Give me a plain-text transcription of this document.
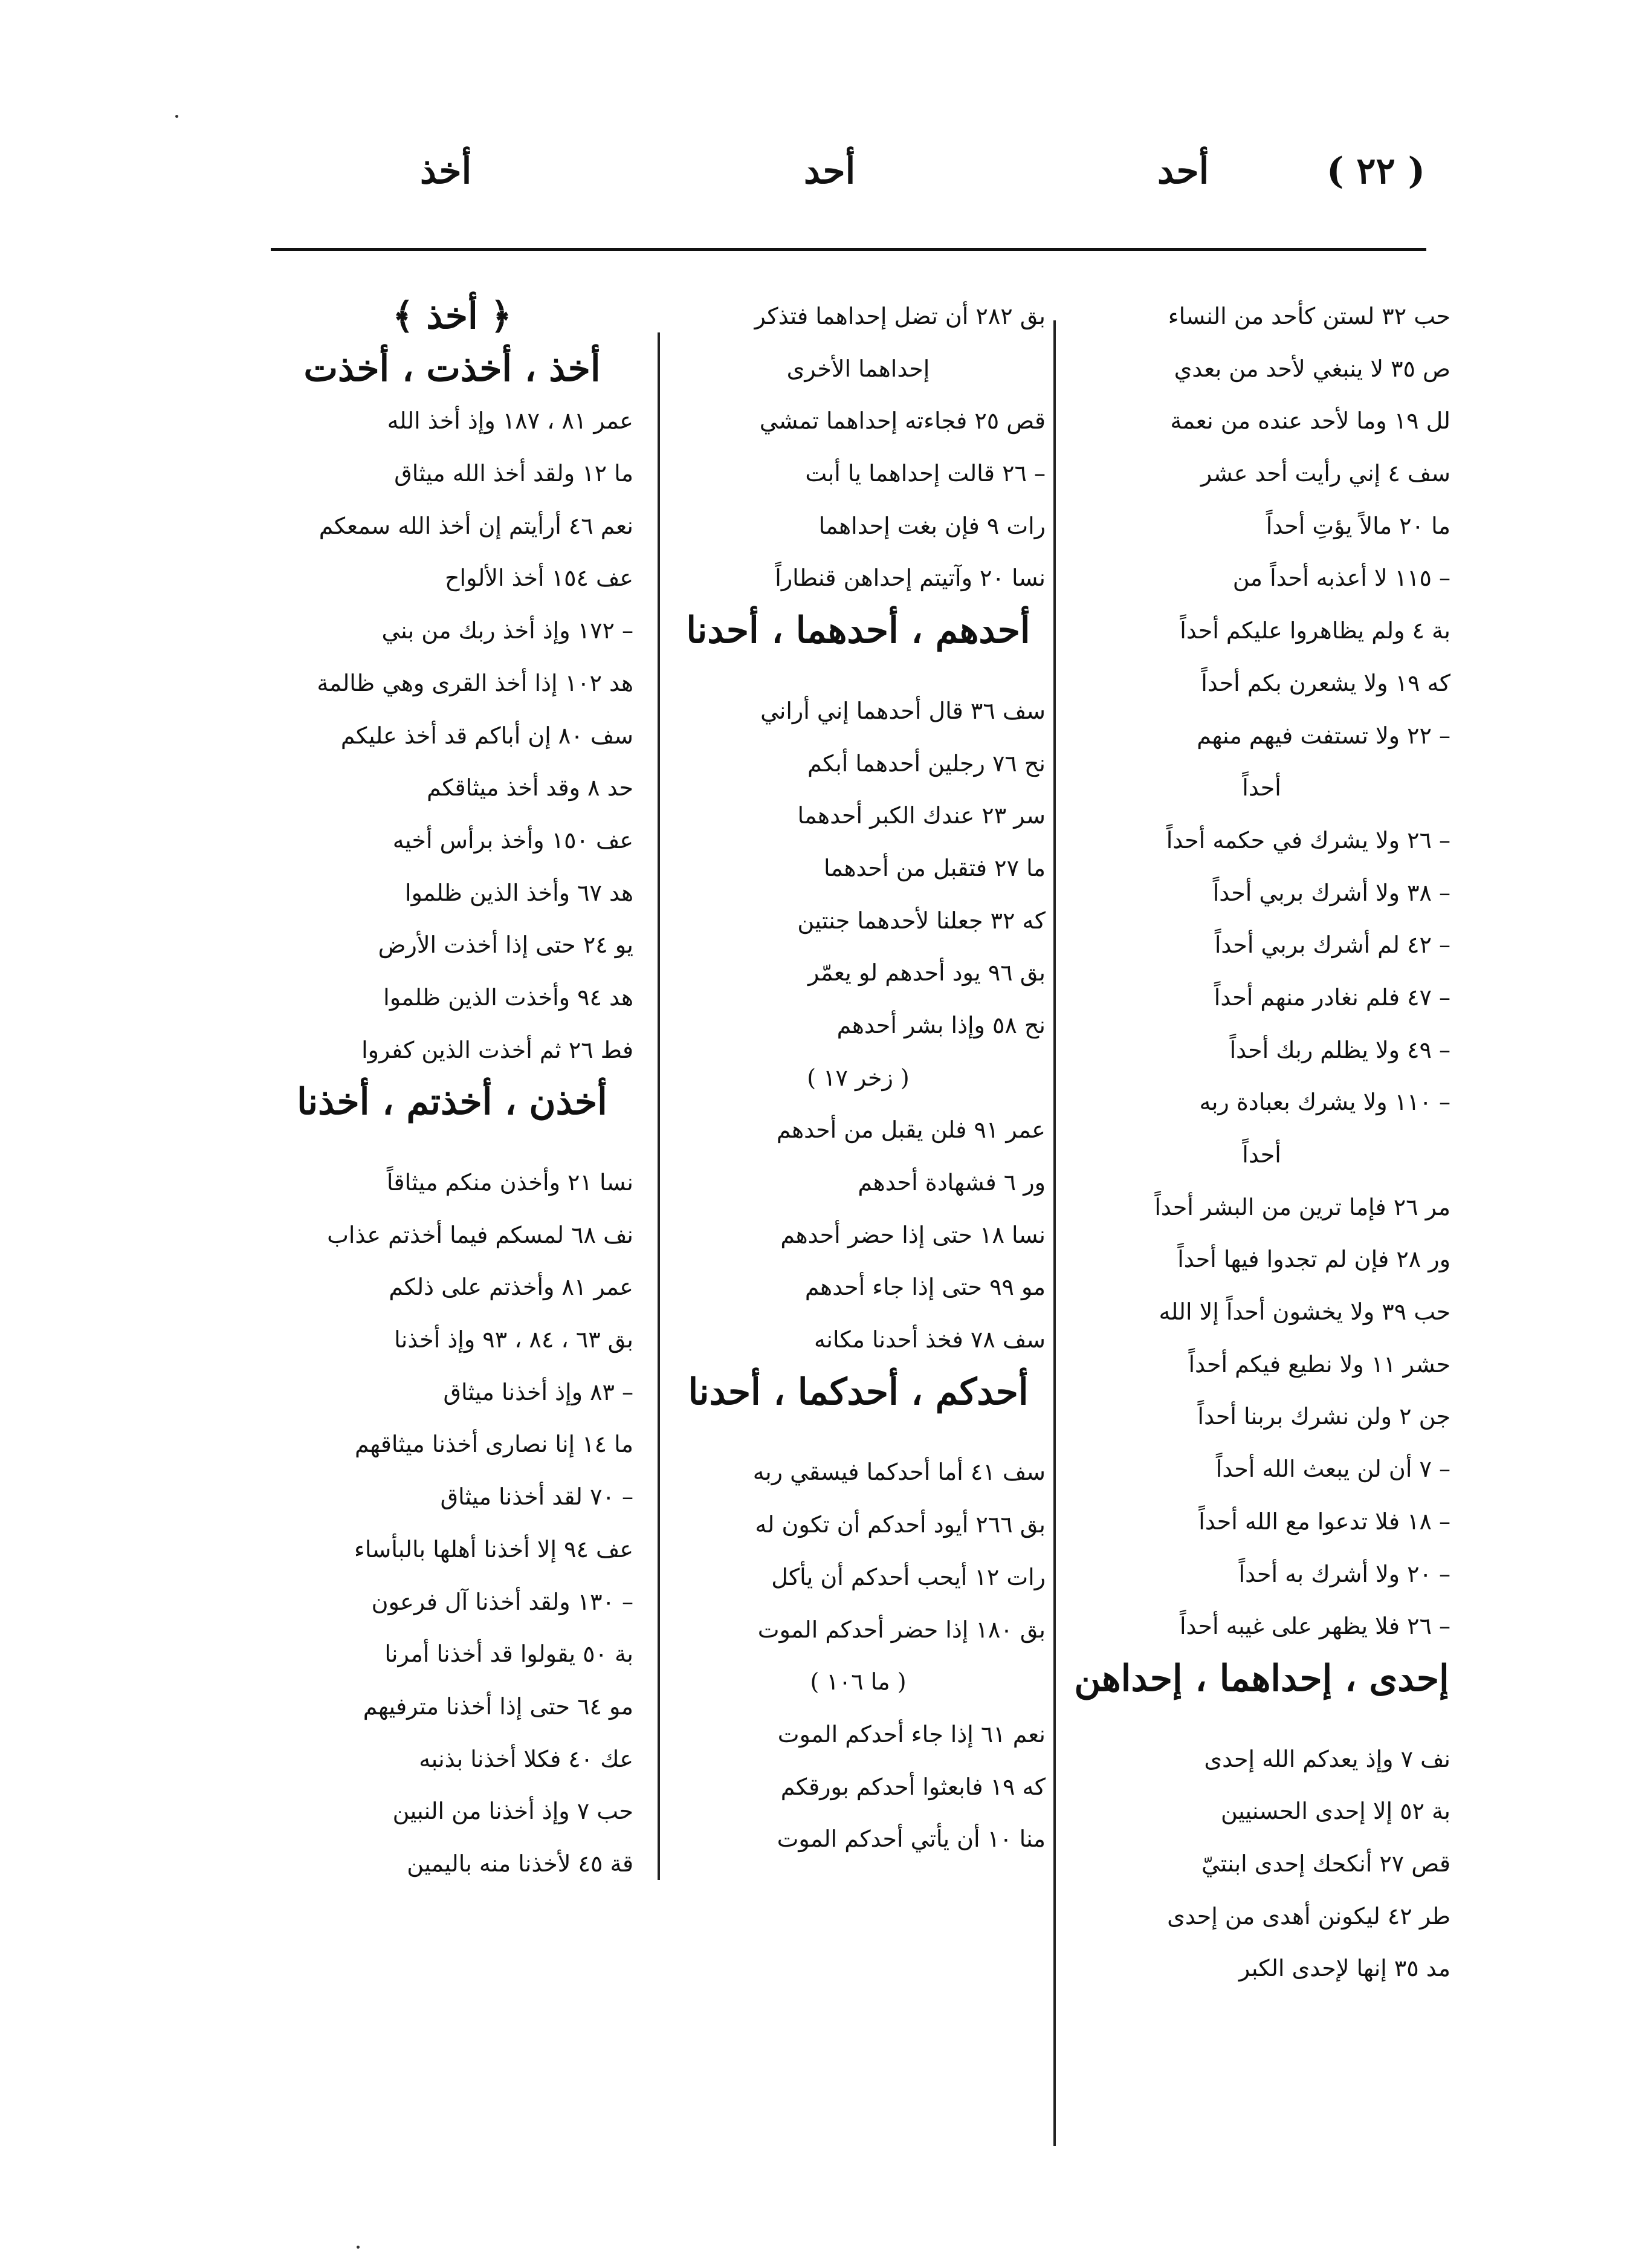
( ٢٢ )
أحد
أحد
أخذ
حب ٣٢ لستن كأحد من النساء
ص ٣٥ لا ينبغي لأحد من بعدي
لل ١٩ وما لأحد عنده من نعمة
سف ٤ إني رأيت أحد عشر
ما ٢٠ مالاً يؤتِ أحداً
– ١١٥ لا أعذبه أحداً من
بة ٤ ولم يظاهروا عليكم أحداً
كه ١٩ ولا يشعرن بكم أحداً
– ٢٢ ولا تستفت فيهم منهم
أحداً
– ٢٦ ولا يشرك في حكمه أحداً
– ٣٨ ولا أشرك بربي أحداً
– ٤٢ لم أشرك بربي أحداً
– ٤٧ فلم نغادر منهم أحداً
– ٤٩ ولا يظلم ربك أحداً
– ١١٠ ولا يشرك بعبادة ربه
أحداً
مر ٢٦ فإما ترين من البشر أحداً
ور ٢٨ فإن لم تجدوا فيها أحداً
حب ٣٩ ولا يخشون أحداً إلا الله
حشر ١١ ولا نطيع فيكم أحداً
جن ٢ ولن نشرك بربنا أحداً
– ٧ أن لن يبعث الله أحداً
– ١٨ فلا تدعوا مع الله أحداً
– ٢٠ ولا أشرك به أحداً
– ٢٦ فلا يظهر على غيبه أحداً
إحدى ، إحداهما ، إحداهن
نف ٧ وإذ يعدكم الله إحدى
بة ٥٢ إلا إحدى الحسنيين
قص ٢٧ أنكحك إحدى ابنتيّ
طر ٤٢ ليكونن أهدى من إحدى
مد ٣٥ إنها لإحدى الكبر
بق ٢٨٢ أن تضل إحداهما فتذكر
إحداهما الأخرى
قص ٢٥ فجاءته إحداهما تمشي
– ٢٦ قالت إحداهما يا أبت
رات ٩ فإن بغت إحداهما
نسا ٢٠ وآتيتم إحداهن قنطاراً
أحدهم ، أحدهما ، أحدنا
سف ٣٦ قال أحدهما إني أراني
نح ٧٦ رجلين أحدهما أبكم
سر ٢٣ عندك الكبر أحدهما
ما ٢٧ فتقبل من أحدهما
كه ٣٢ جعلنا لأحدهما جنتين
بق ٩٦ يود أحدهم لو يعمّر
نح ٥٨ وإذا بشر أحدهم
( زخر ١٧ )
عمر ٩١ فلن يقبل من أحدهم
ور ٦ فشهادة أحدهم
نسا ١٨ حتى إذا حضر أحدهم
مو ٩٩ حتى إذا جاء أحدهم
سف ٧٨ فخذ أحدنا مكانه
أحدكم ، أحدكما ، أحدنا
سف ٤١ أما أحدكما فيسقي ربه
بق ٢٦٦ أيود أحدكم أن تكون له
رات ١٢ أيحب أحدكم أن يأكل
بق ١٨٠ إذا حضر أحدكم الموت
( ما ١٠٦ )
نعم ٦١ إذا جاء أحدكم الموت
كه ١٩ فابعثوا أحدكم بورقكم
منا ١٠ أن يأتي أحدكم الموت
﴿ أخذ ﴾
أخذ ، أخذت ، أخذت
عمر ٨١ ، ١٨٧ وإذ أخذ الله
ما ١٢ ولقد أخذ الله ميثاق
نعم ٤٦ أرأيتم إن أخذ الله سمعكم
عف ١٥٤ أخذ الألواح
– ١٧٢ وإذ أخذ ربك من بني
هد ١٠٢ إذا أخذ القرى وهي ظالمة
سف ٨٠ إن أباكم قد أخذ عليكم
حد ٨ وقد أخذ ميثاقكم
عف ١٥٠ وأخذ برأس أخيه
هد ٦٧ وأخذ الذين ظلموا
يو ٢٤ حتى إذا أخذت الأرض
هد ٩٤ وأخذت الذين ظلموا
فط ٢٦ ثم أخذت الذين كفروا
أخذن ، أخذتم ، أخذنا
نسا ٢١ وأخذن منكم ميثاقاً
نف ٦٨ لمسكم فيما أخذتم عذاب
عمر ٨١ وأخذتم على ذلكم
بق ٦٣ ، ٨٤ ، ٩٣ وإذ أخذنا
– ٨٣ وإذ أخذنا ميثاق
ما ١٤ إنا نصارى أخذنا ميثاقهم
– ٧٠ لقد أخذنا ميثاق
عف ٩٤ إلا أخذنا أهلها بالبأساء
– ١٣٠ ولقد أخذنا آل فرعون
بة ٥٠ يقولوا قد أخذنا أمرنا
مو ٦٤ حتى إذا أخذنا مترفيهم
عك ٤٠ فكلا أخذنا بذنبه
حب ٧ وإذ أخذنا من النبين
قة ٤٥ لأخذنا منه باليمين
